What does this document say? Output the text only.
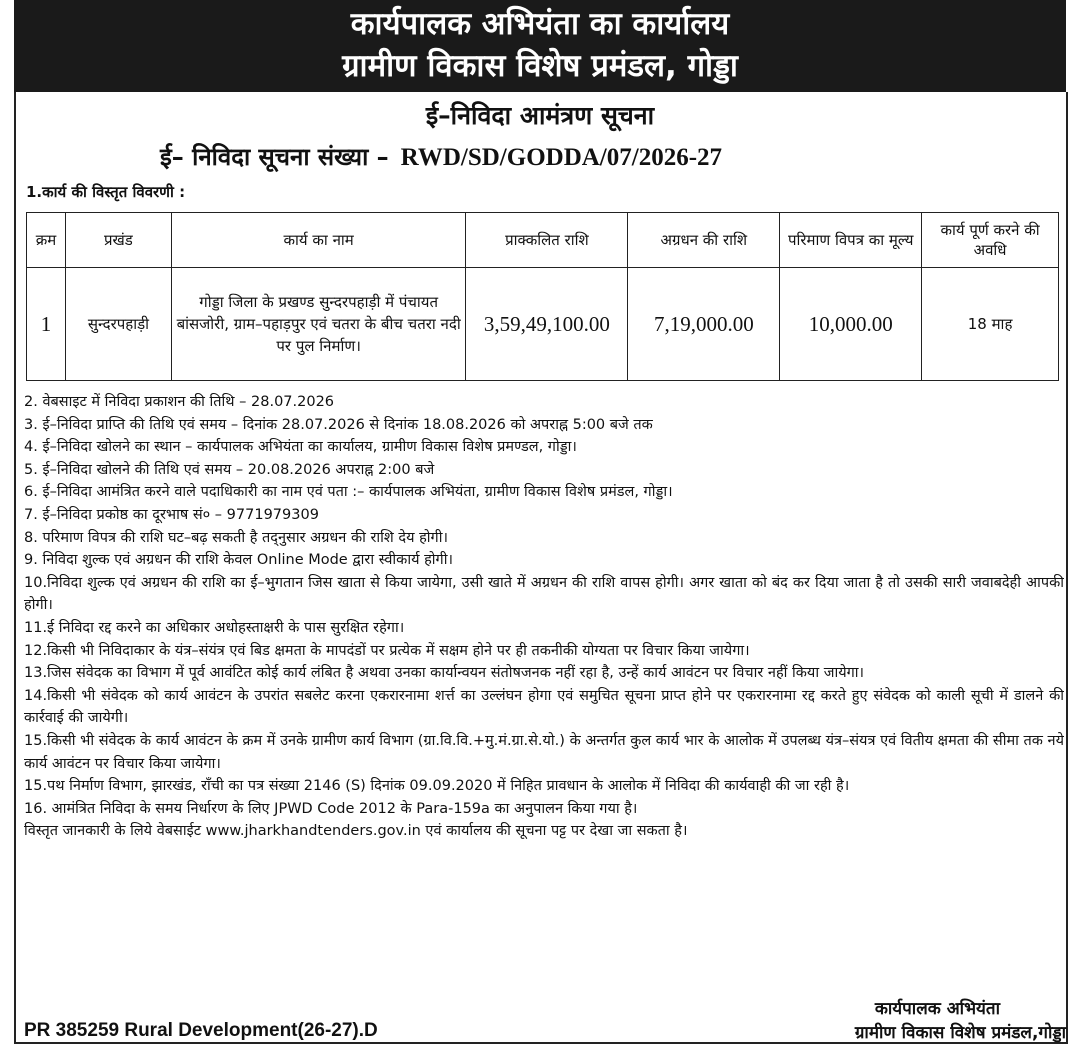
कार्यपालक अभियंता का कार्यालय
ग्रामीण विकास विशेष प्रमंडल, गोड्डा
ई–निविदा आमंत्रण सूचना
ई– निविदा सूचना संख्या – RWD/SD/GODDA/07/2026-27
1.कार्य की विस्तृत विवरणी :
क्रम	प्रखंड	कार्य का नाम	प्राक्कलित राशि	अग्रधन की राशि	परिमाण विपत्र का मूल्य	कार्य पूर्ण करने की अवधि
1	सुन्दरपहाड़ी	गोड्डा जिला के प्रखण्ड सुन्दरपहाड़ी में पंचायत बांसजोरी, ग्राम–पहाड़पुर एवं चतरा के बीच चतरा नदी पर पुल निर्माण।	3,59,49,100.00	7,19,000.00	10,000.00	18 माह
2. वेबसाइट में निविदा प्रकाशन की तिथि – 28.07.2026
3. ई–निविदा प्राप्ति की तिथि एवं समय – दिनांक 28.07.2026 से दिनांक 18.08.2026 को अपराह्न 5:00 बजे तक
4. ई–निविदा खोलने का स्थान – कार्यपालक अभियंता का कार्यालय, ग्रामीण विकास विशेष प्रमण्डल, गोड्डा।
5. ई–निविदा खोलने की तिथि एवं समय – 20.08.2026 अपराह्न 2:00 बजे
6. ई–निविदा आमंत्रित करने वाले पदाधिकारी का नाम एवं पता :– कार्यपालक अभियंता, ग्रामीण विकास विशेष प्रमंडल, गोड्डा।
7. ई–निविदा प्रकोष्ठ का दूरभाष सं० – 9771979309
8. परिमाण विपत्र की राशि घट–बढ़ सकती है तद्नुसार अग्रधन की राशि देय होगी।
9. निविदा शुल्क एवं अग्रधन की राशि केवल Online Mode द्वारा स्वीकार्य होगी।
10.निविदा शुल्क एवं अग्रधन की राशि का ई–भुगतान जिस खाता से किया जायेगा, उसी खाते में अग्रधन की राशि वापस होगी। अगर खाता को बंद कर दिया जाता है तो उसकी सारी जवाबदेही आपकी होगी।
11.ई निविदा रद्द करने का अधिकार अधोहस्ताक्षरी के पास सुरक्षित रहेगा।
12.किसी भी निविदाकार के यंत्र–संयंत्र एवं बिड क्षमता के मापदंडों पर प्रत्येक में सक्षम होने पर ही तकनीकी योग्यता पर विचार किया जायेगा।
13.जिस संवेदक का विभाग में पूर्व आवंटित कोई कार्य लंबित है अथवा उनका कार्यान्वयन संतोषजनक नहीं रहा है, उन्हें कार्य आवंटन पर विचार नहीं किया जायेगा।
14.किसी भी संवेदक को कार्य आवंटन के उपरांत सबलेट करना एकरारनामा शर्त्त का उल्लंघन होगा एवं समुचित सूचना प्राप्त होने पर एकरारनामा रद्द करते हुए संवेदक को काली सूची में डालने की कार्रवाई की जायेगी।
15.किसी भी संवेदक के कार्य आवंटन के क्रम में उनके ग्रामीण कार्य विभाग (ग्रा.वि.वि.+मु.मं.ग्रा.से.यो.) के अन्तर्गत कुल कार्य भार के आलोक में उपलब्ध यंत्र–संयत्र एवं वितीय क्षमता की सीमा तक नये कार्य आवंटन पर विचार किया जायेगा।
15.पथ निर्माण विभाग, झारखंड, राँची का पत्र संख्या 2146 (S) दिनांक 09.09.2020 में निहित प्रावधान के आलोक में निविदा की कार्यवाही की जा रही है।
16. आमंत्रित निविदा के समय निर्धारण के लिए JPWD Code 2012 के Para-159a का अनुपालन किया गया है।
विस्तृत जानकारी के लिये वेबसाईट www.jharkhandtenders.gov.in एवं कार्यालय की सूचना पट्ट पर देखा जा सकता है।
कार्यपालक अभियंता
ग्रामीण विकास विशेष प्रमंडल,गोड्डा
PR 385259 Rural Development(26-27).D
